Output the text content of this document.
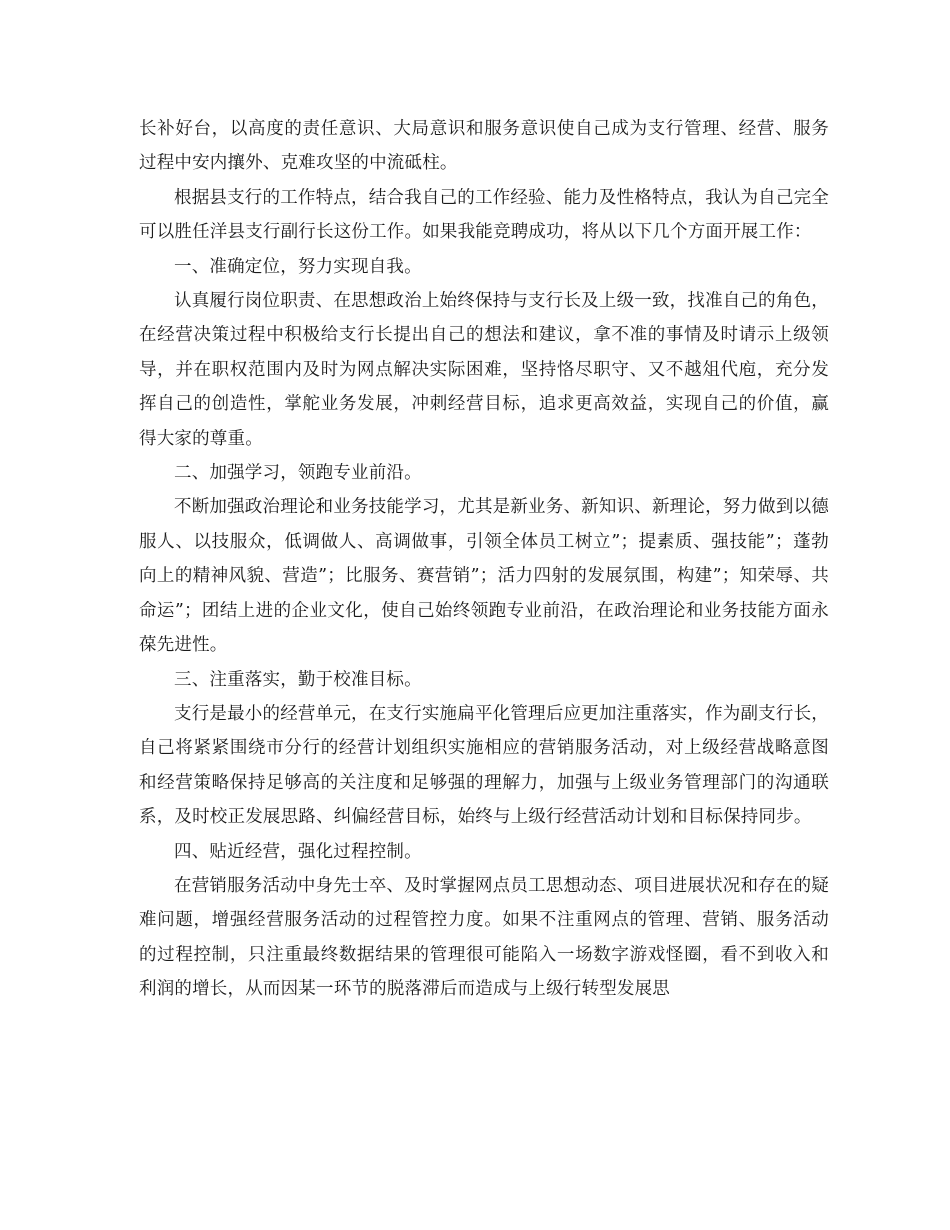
长补好台，以高度的责任意识、大局意识和服务意识使自己成为支行管理、经营、服务过程中安内攘外、克难攻坚的中流砥柱。

根据县支行的工作特点，结合我自己的工作经验、能力及性格特点，我认为自己完全可以胜任洋县支行副行长这份工作。如果我能竞聘成功，将从以下几个方面开展工作：

一、准确定位，努力实现自我。

认真履行岗位职责、在思想政治上始终保持与支行长及上级一致，找准自己的角色，在经营决策过程中积极给支行长提出自己的想法和建议，拿不准的事情及时请示上级领导，并在职权范围内及时为网点解决实际困难，坚持恪尽职守、又不越俎代庖，充分发挥自己的创造性，掌舵业务发展，冲刺经营目标，追求更高效益，实现自己的价值，赢得大家的尊重。

二、加强学习，领跑专业前沿。

不断加强政治理论和业务技能学习，尤其是新业务、新知识、新理论，努力做到以德服人、以技服众，低调做人、高调做事，引领全体员工树立”；提素质、强技能”；蓬勃向上的精神风貌、营造”；比服务、赛营销”；活力四射的发展氛围，构建”；知荣辱、共命运”；团结上进的企业文化，使自己始终领跑专业前沿，在政治理论和业务技能方面永葆先进性。

三、注重落实，勤于校准目标。

支行是最小的经营单元，在支行实施扁平化管理后应更加注重落实，作为副支行长，自己将紧紧围绕市分行的经营计划组织实施相应的营销服务活动，对上级经营战略意图和经营策略保持足够高的关注度和足够强的理解力，加强与上级业务管理部门的沟通联系，及时校正发展思路、纠偏经营目标，始终与上级行经营活动计划和目标保持同步。

四、贴近经营，强化过程控制。

在营销服务活动中身先士卒、及时掌握网点员工思想动态、项目进展状况和存在的疑难问题，增强经营服务活动的过程管控力度。如果不注重网点的管理、营销、服务活动的过程控制，只注重最终数据结果的管理很可能陷入一场数字游戏怪圈，看不到收入和利润的增长，从而因某一环节的脱落滞后而造成与上级行转型发展思
